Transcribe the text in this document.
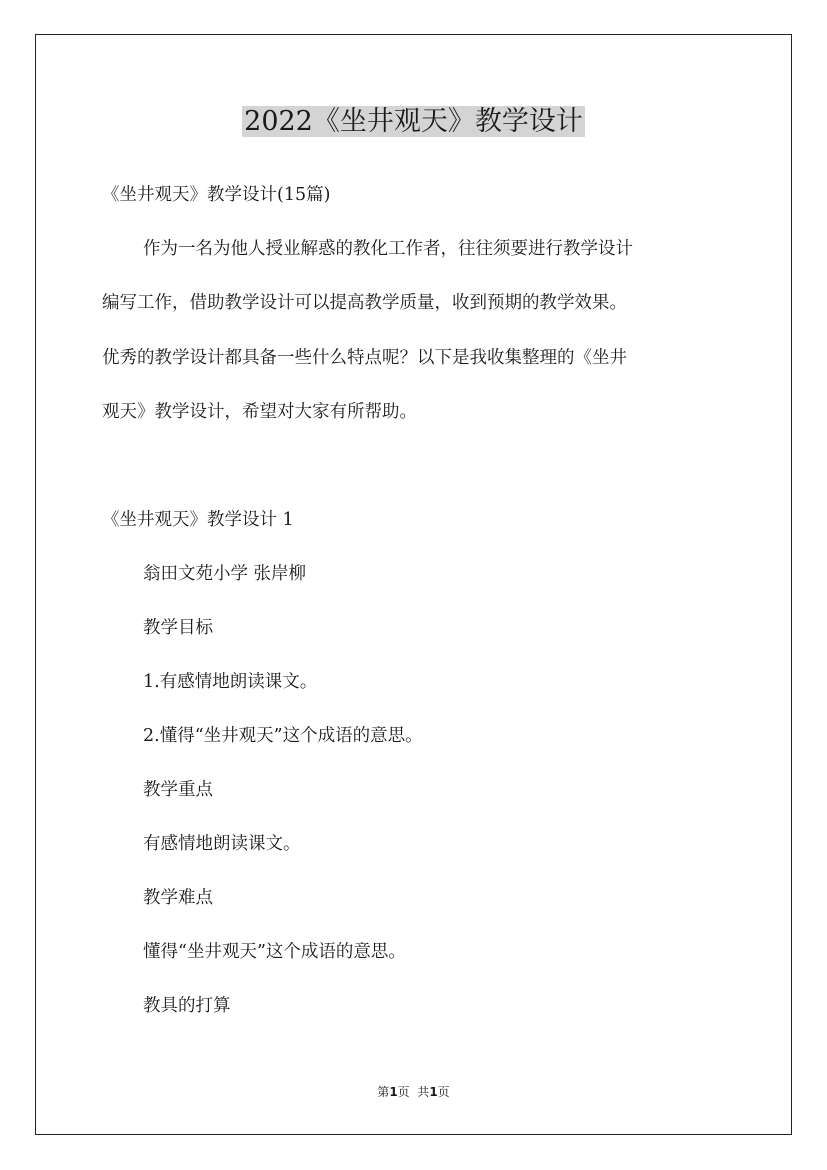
2022《坐井观天》教学设计
《坐井观天》教学设计(15篇)
作为一名为他人授业解惑的教化工作者，往往须要进行教学设计
编写工作，借助教学设计可以提高教学质量，收到预期的教学效果。
优秀的教学设计都具备一些什么特点呢？以下是我收集整理的《坐井
观天》教学设计，希望对大家有所帮助。
《坐井观天》教学设计 1
翁田文苑小学 张岸柳
教学目标
1.有感情地朗读课文。
2.懂得“坐井观天”这个成语的意思。
教学重点
有感情地朗读课文。
教学难点
懂得“坐井观天”这个成语的意思。
教具的打算
第1页  共1页
